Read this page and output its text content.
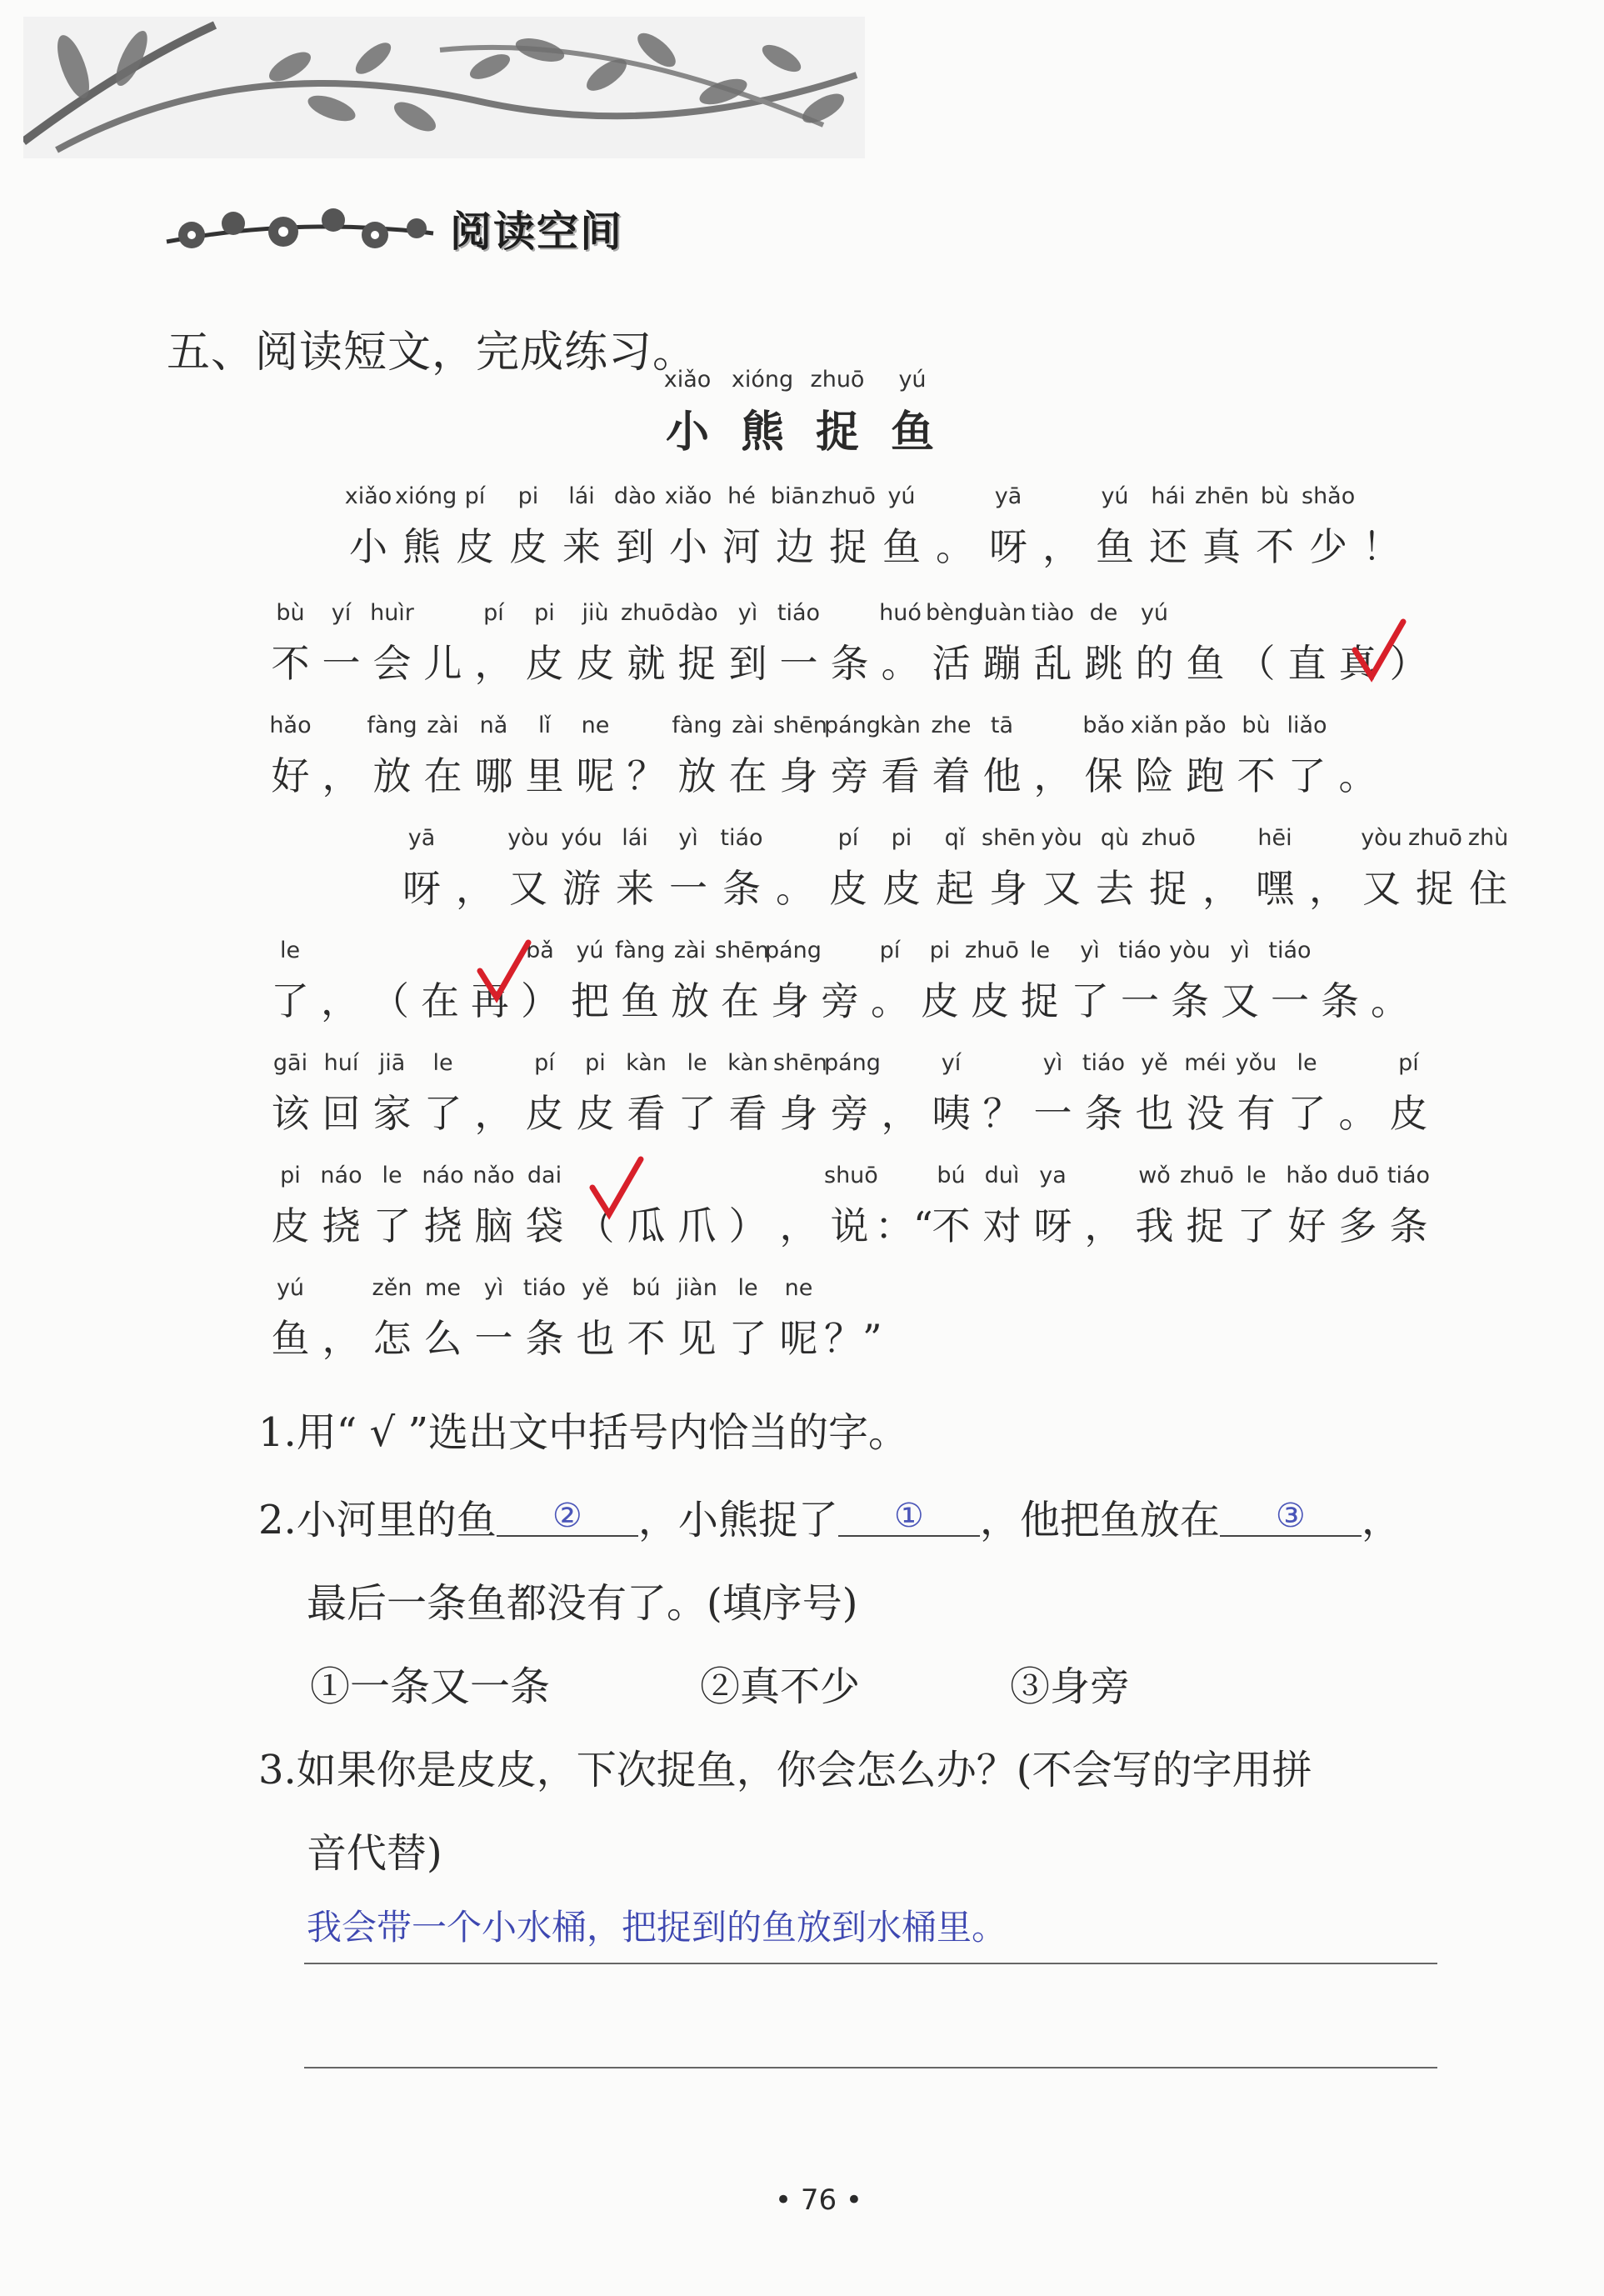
阅读空间
五、阅读短文，完成练习。
xiǎo xióng zhuō yú
小 熊 捉 鱼
xiǎo xióng pí	pi	lái dào xiǎo hé biān zhuō yú	yā	yú hái zhēn bù shǎo
小 熊 皮 皮 来 到 小 河 边 捉 鱼 。 呀 ， 鱼 还 真 不 少 ！
bù	yí huìr	pí	pi	jiù zhuō dào yì tiáo	huó bèng
luàn tiào de	yú
不 一 会 儿 ， 皮 皮 就 捉 到 一 条 。 活 蹦 乱 跳 的 鱼 （ 直 真 ）
hǎo fàng zài nǎ	lǐ	ne	fàng zài shēn
páng kàn zhe tā	bǎo xiǎn pǎo bù liǎo
好 ， 放 在 哪 里 呢 ？ 放 在 身 旁 看 着 他 ， 保 险 跑 不 了 。
yā	yòu yóu lái	yì tiáo	pí	pi	qǐ shēn yòu qù zhuō	hēi	yòu zhuō zhù

呀 ， 又 游 来 一 条 。 皮 皮 起 身 又 去 捉 ， 嘿 ， 又 捉 住
le	bǎ yú fàng zài shēn
páng	pí	pi zhuō le	yì tiáo yòu yì tiáo
了 ， （ 在 再 ） 把 鱼 放 在 身 旁 。 皮 皮 捉 了 一 条 又 一 条 。
gāi huí jiā	le	pí	pi kàn le kàn shēn
páng	yí	yì tiáo yě méi yǒu le	pí
该 回 家 了 ， 皮 皮 看 了 看 身 旁 ， 咦 ？ 一 条 也 没 有 了 。 皮
pi náo le náo nǎo dai	shuō	bú duì ya	wǒ zhuō le hǎo duō tiáo
皮 挠 了 挠 脑 袋 （ 瓜 爪 ） ， 说 ：“
不 对 呀 ， 我 捉 了 好 多 条
yú	zěn me	yì tiáo yě	bú jiàn le	ne
鱼 ， 怎 么 一 条 也 不 见 了 呢 ？”
1.用“ √ ”选出文中括号内恰当的字。
2.小河里的鱼 ② ，小熊捉了 ① ，他把鱼放在 ③ ，
最后一条鱼都没有了。(填序号)
①一条又一条	②真不少	③身旁
3.如果你是皮皮，下次捉鱼，你会怎么办？(不会写的字用拼
音代替)
我会带一个小水桶，把捉到的鱼放到水桶里。
• 76 •
